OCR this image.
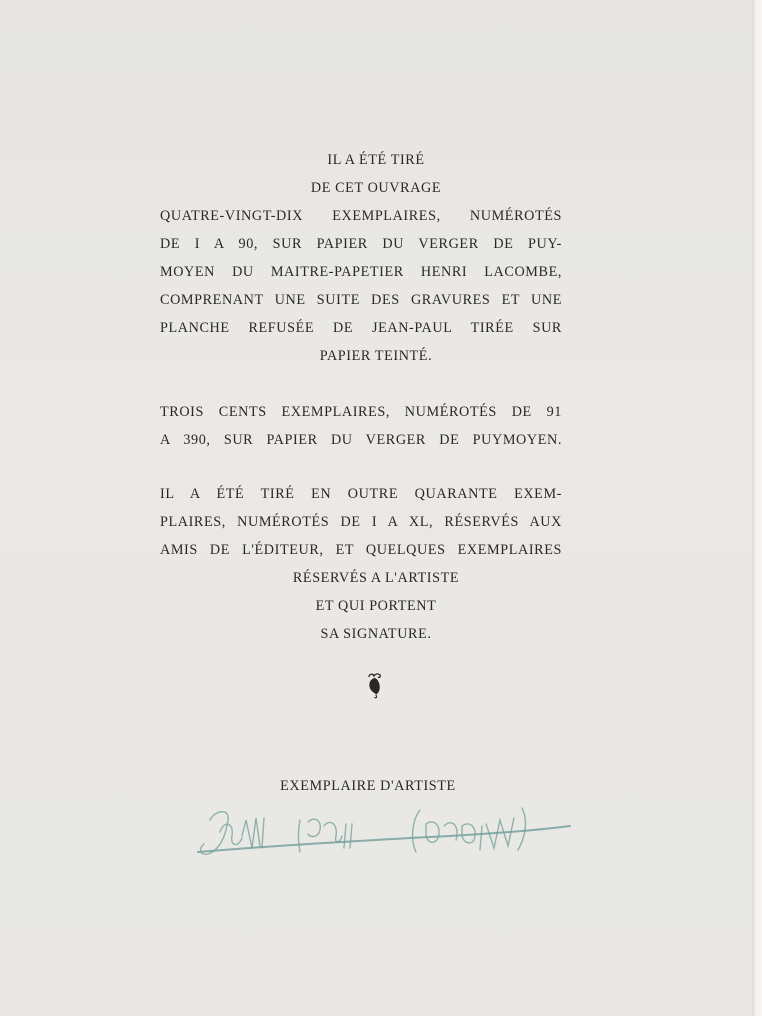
IL A ÉTÉ TIRÉ
DE CET OUVRAGE
QUATRE-VINGT-DIX EXEMPLAIRES, NUMÉROTÉS
DE I A 90, SUR PAPIER DU VERGER DE PUY-
MOYEN DU MAITRE-PAPETIER HENRI LACOMBE,
COMPRENANT UNE SUITE DES GRAVURES ET UNE
PLANCHE REFUSÉE DE JEAN-PAUL TIRÉE SUR
PAPIER TEINTÉ.
TROIS CENTS EXEMPLAIRES, NUMÉROTÉS DE 91
A 390, SUR PAPIER DU VERGER DE PUYMOYEN.
IL A ÉTÉ TIRÉ EN OUTRE QUARANTE EXEM-
PLAIRES, NUMÉROTÉS DE I A XL, RÉSERVÉS AUX
AMIS DE L'ÉDITEUR, ET QUELQUES EXEMPLAIRES
RÉSERVÉS A L'ARTISTE
ET QUI PORTENT
SA SIGNATURE.
EXEMPLAIRE D'ARTISTE
